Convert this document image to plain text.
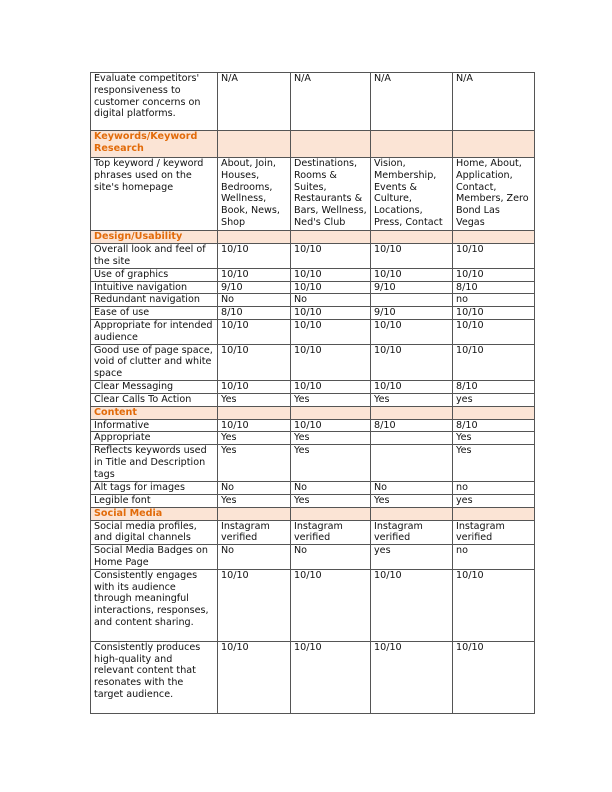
Evaluate competitors' responsiveness to customer concerns on digital platforms.	N/A	N/A	N/A	N/A
Keywords/Keyword Research				
Top keyword / keyword phrases used on the site's homepage	About, Join, Houses, Bedrooms, Wellness, Book, News, Shop	Destinations, Rooms & Suites, Restaurants & Bars, Wellness, Ned's Club	Vision, Membership, Events & Culture, Locations, Press, Contact	Home, About, Application, Contact, Members, Zero Bond Las Vegas
Design/Usability				
Overall look and feel of the site	10/10	10/10	10/10	10/10
Use of graphics	10/10	10/10	10/10	10/10
Intuitive navigation	9/10	10/10	9/10	8/10
Redundant navigation	No	No		no
Ease of use	8/10	10/10	9/10	10/10
Appropriate for intended audience	10/10	10/10	10/10	10/10
Good use of page space, void of clutter and white space	10/10	10/10	10/10	10/10
Clear Messaging	10/10	10/10	10/10	8/10
Clear Calls To Action	Yes	Yes	Yes	yes
Content				
Informative	10/10	10/10	8/10	8/10
Appropriate	Yes	Yes		Yes
Reflects keywords used in Title and Description tags	Yes	Yes		Yes
Alt tags for images	No	No	No	no
Legible font	Yes	Yes	Yes	yes
Social Media				
Social media profiles, and digital channels	Instagram verified	Instagram verified	Instagram verified	Instagram verified
Social Media Badges on Home Page	No	No	yes	no
Consistently engages with its audience through meaningful interactions, responses, and content sharing.	10/10	10/10	10/10	10/10
Consistently produces high-quality and relevant content that resonates with the target audience.	10/10	10/10	10/10	10/10
